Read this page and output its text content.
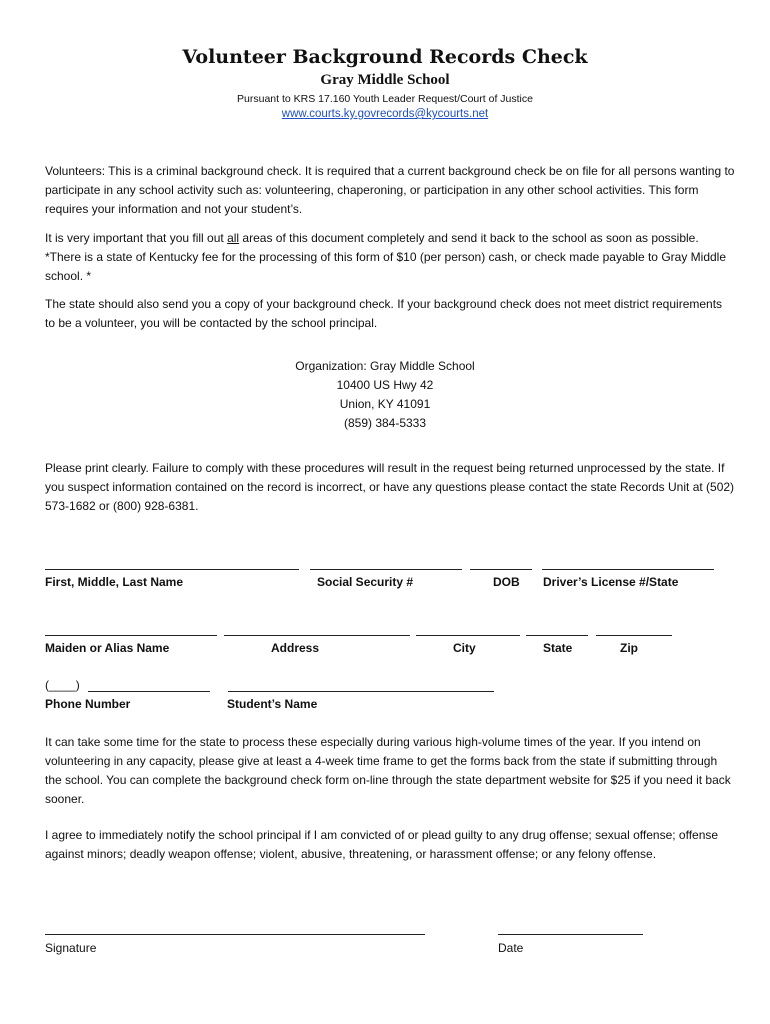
Volunteer Background Records Check
Gray Middle School
Pursuant to KRS 17.160 Youth Leader Request/Court of Justice
www.courts.ky.govrecords@kycourts.net
Volunteers: This is a criminal background check. It is required that a current background check be on file for all persons wanting to participate in any school activity such as: volunteering, chaperoning, or participation in any other school activities. This form requires your information and not your student’s.
It is very important that you fill out all areas of this document completely and send it back to the school as soon as possible. *There is a state of Kentucky fee for the processing of this form of $10 (per person) cash, or check made payable to Gray Middle school. *
The state should also send you a copy of your background check. If your background check does not meet district requirements to be a volunteer, you will be contacted by the school principal.
Organization: Gray Middle School
10400 US Hwy 42
Union, KY 41091
(859) 384-5333
Please print clearly. Failure to comply with these procedures will result in the request being returned unprocessed by the state. If you suspect information contained on the record is incorrect, or have any questions please contact the state Records Unit at (502) 573-1682 or (800) 928-6381.
First, Middle, Last Name	Social Security #	DOB Driver’s License #/State
Maiden or Alias Name	Address	City	State	Zip
(____)
Phone Number	Student’s Name
It can take some time for the state to process these especially during various high-volume times of the year. If you intend on volunteering in any capacity, please give at least a 4-week time frame to get the forms back from the state if submitting through the school. You can complete the background check form on-line through the state department website for $25 if you need it back sooner.
I agree to immediately notify the school principal if I am convicted of or plead guilty to any drug offense; sexual offense; offense against minors; deadly weapon offense; violent, abusive, threatening, or harassment offense; or any felony offense.
Signature	Date
